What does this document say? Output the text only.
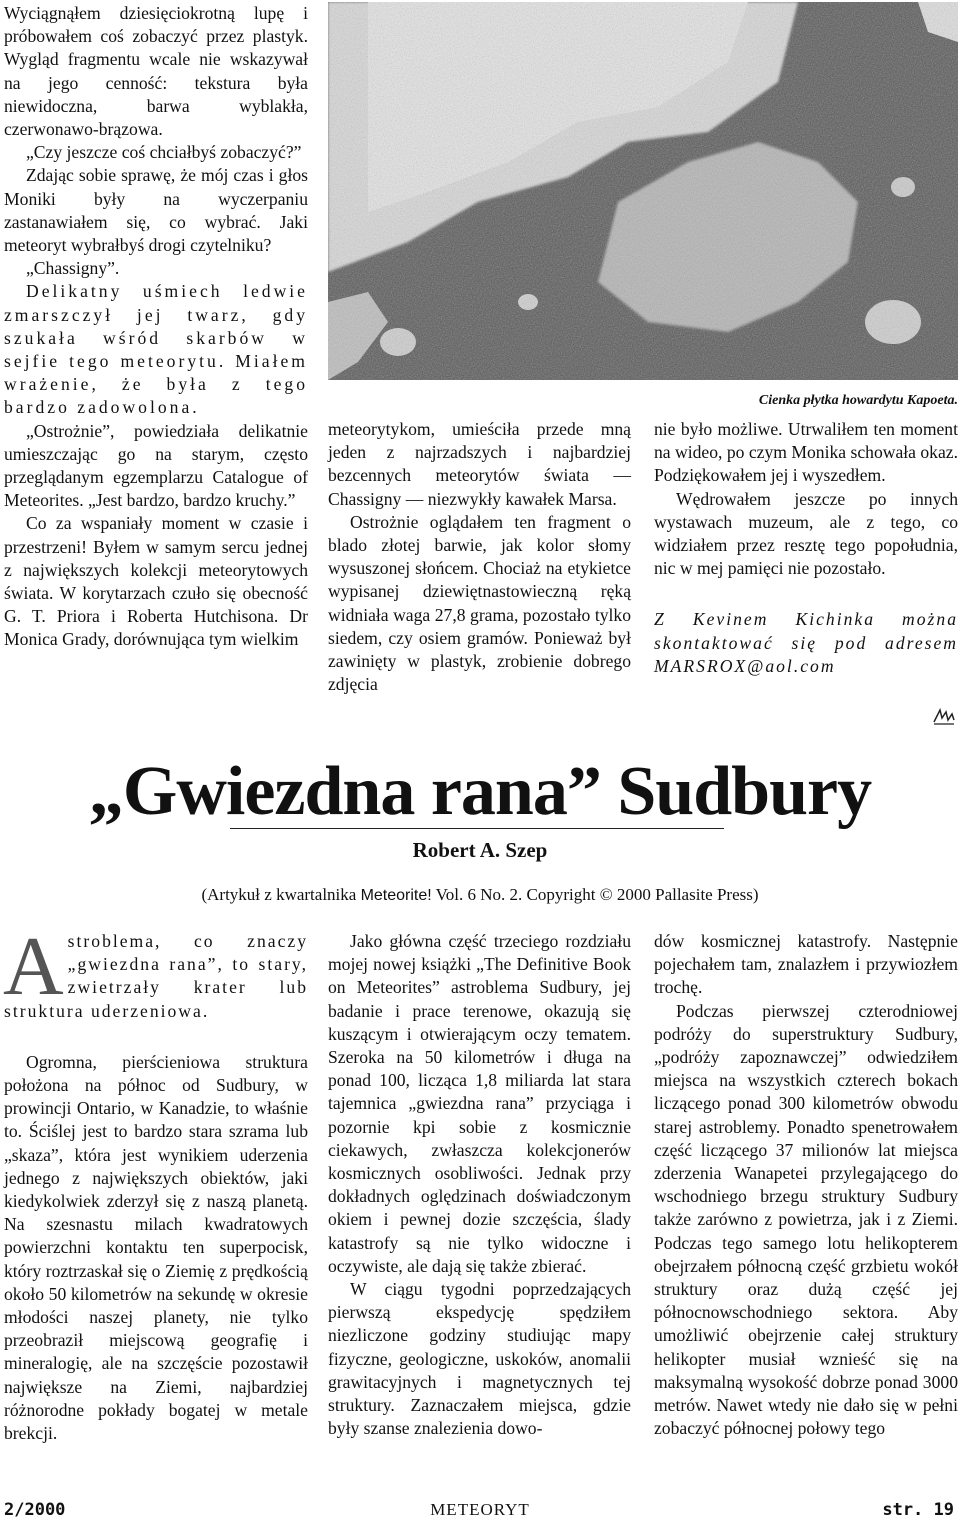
Wyciągnąłem dziesięciokrotną lupę i próbowałem coś zobaczyć przez plastyk. Wygląd fragmentu wcale nie wskazywał na jego cenność: tekstura była niewidoczna, barwa wyblakła, czerwonawo-brązowa.

„Czy jeszcze coś chciałbyś zobaczyć?”

Zdając sobie sprawę, że mój czas i głos Moniki były na wyczerpaniu zastanawiałem się, co wybrać. Jaki meteoryt wybrałbyś drogi czytelniku?

„Chassigny”.

Delikatny uśmiech ledwie zmarszczył jej twarz, gdy szukała wśród skarbów w sejfie tego meteorytu. Miałem wrażenie, że była z tego bardzo zadowolona.

„Ostrożnie”, powiedziała delikatnie umieszczając go na starym, często przeglądanym egzemplarzu Catalogue of Meteorites. „Jest bardzo, bardzo kruchy.”

Co za wspaniały moment w czasie i przestrzeni! Byłem w samym sercu jednej z największych kolekcji meteorytowych świata. W korytarzach czuło się obecność G. T. Priora i Roberta Hutchisona. Dr Monica Grady, dorównująca tym wielkim

Cienka płytka howardytu Kapoeta.

meteorytykom, umieściła przede mną jeden z najrzadszych i najbardziej bezcennych meteorytów świata — Chassigny — niezwykły kawałek Marsa.

Ostrożnie oglądałem ten fragment o blado złotej barwie, jak kolor słomy wysuszonej słońcem. Chociaż na etykietce wypisanej dziewiętnastowieczną ręką widniała waga 27,8 grama, pozostało tylko siedem, czy osiem gramów. Ponieważ był zawinięty w plastyk, zrobienie dobrego zdjęcia

nie było możliwe. Utrwaliłem ten moment na wideo, po czym Monika schowała okaz. Podziękowałem jej i wyszedłem.

Wędrowałem jeszcze po innych wystawach muzeum, ale z tego, co widziałem przez resztę tego popołudnia, nic w mej pamięci nie pozostało.

Z Kevinem Kichinka można skontaktować się pod adresem MARSROX@aol.com

„Gwiezdna rana” Sudbury
Robert A. Szep
(Artykuł z kwartalnika Meteorite! Vol. 6 No. 2. Copyright © 2000 Pallasite Press)

Astroblema, co znaczy „gwiezdna rana”, to stary, zwietrzały krater lub struktura uderzeniowa.

Ogromna, pierścieniowa struktura położona na północ od Sudbury, w prowincji Ontario, w Kanadzie, to właśnie to. Ściślej jest to bardzo stara szrama lub „skaza”, która jest wynikiem uderzenia jednego z największych obiektów, jaki kiedykolwiek zderzył się z naszą planetą. Na szesnastu milach kwadratowych powierzchni kontaktu ten superpocisk, który roztrzaskał się o Ziemię z prędkością około 50 kilometrów na sekundę w okresie młodości naszej planety, nie tylko przeobraził miejscową geografię i mineralogię, ale na szczęście pozostawił największe na Ziemi, najbardziej różnorodne pokłady bogatej w metale brekcji.

Jako główna część trzeciego rozdziału mojej nowej książki „The Definitive Book on Meteorites” astroblema Sudbury, jej badanie i prace terenowe, okazują się kuszącym i otwierającym oczy tematem. Szeroka na 50 kilometrów i długa na ponad 100, licząca 1,8 miliarda lat stara tajemnica „gwiezdna rana” przyciąga i pozornie kpi sobie z kosmicznie ciekawych, zwłaszcza kolekcjonerów kosmicznych osobliwości. Jednak przy dokładnych oględzinach doświadczonym okiem i pewnej dozie szczęścia, ślady katastrofy są nie tylko widoczne i oczywiste, ale dają się także zbierać.

W ciągu tygodni poprzedzających pierwszą ekspedycję spędziłem niezliczone godziny studiując mapy fizyczne, geologiczne, uskoków, anomalii grawitacyjnych i magnetycznych tej struktury. Zaznaczałem miejsca, gdzie były szanse znalezienia dowo-

dów kosmicznej katastrofy. Następnie pojechałem tam, znalazłem i przywiozłem trochę.

Podczas pierwszej czterodniowej podróży do superstruktury Sudbury, „podróży zapoznawczej” odwiedziłem miejsca na wszystkich czterech bokach liczącego ponad 300 kilometrów obwodu starej astroblemy. Ponadto spenetrowałem część liczącego 37 milionów lat miejsca zderzenia Wanapetei przylegającego do wschodniego brzegu struktury Sudbury także zarówno z powietrza, jak i z Ziemi. Podczas tego samego lotu helikopterem obejrzałem północną część grzbietu wokół struktury oraz dużą część jej północnowschodniego sektora. Aby umożliwić obejrzenie całej struktury helikopter musiał wznieść się na maksymalną wysokość dobrze ponad 3000 metrów. Nawet wtedy nie dało się w pełni zobaczyć północnej połowy tego

2/2000	METEORYT	str. 19
